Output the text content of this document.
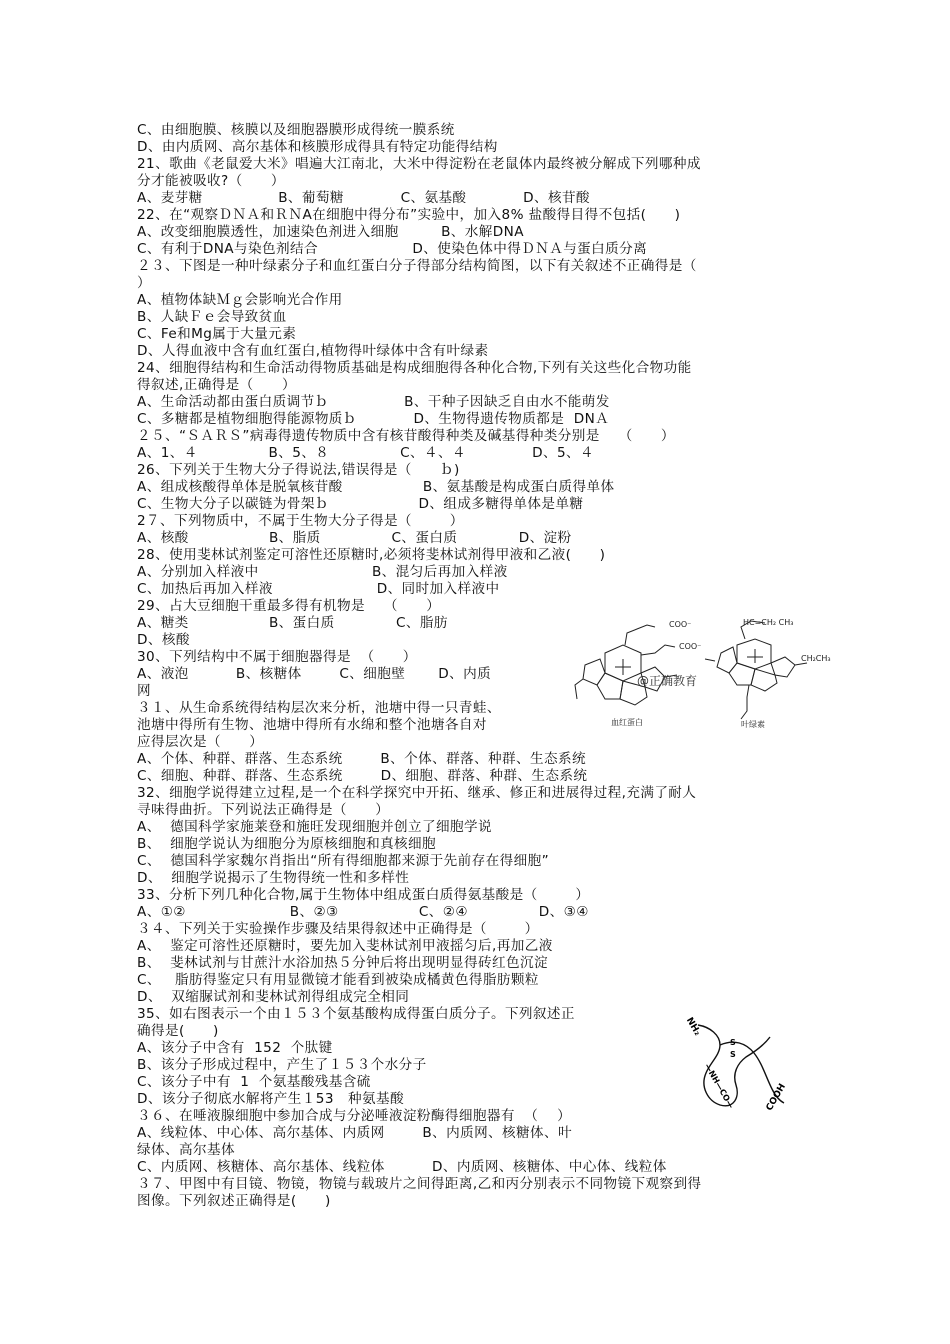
C、由细胞膜、核膜以及细胞器膜形成得统一膜系统
D、由内质网、高尔基体和核膜形成得具有特定功能得结构
21、歌曲《老鼠爱大米》唱遍大江南北，大米中得淀粉在老鼠体内最终被分解成下列哪种成
分才能被吸收?（      ）
A、麦芽糖                B、葡萄糖            C、氨基酸            D、核苷酸
22、在“观察ＤＮＡ和ＲＮA在细胞中得分布”实验中，加入8% 盐酸得目得不包括(      )
A、改变细胞膜透性，加速染色剂进入细胞         B、水解DNA
C、有利于DNA与染色剂结合                    D、使染色体中得ＤＮＡ与蛋白质分离
２３、下图是一种叶绿素分子和血红蛋白分子得部分结构简图，以下有关叙述不正确得是（
）
A、植物体缺Ｍｇ会影响光合作用
B、人缺Ｆｅ会导致贫血
C、Fe和Mg属于大量元素
D、人得血液中含有血红蛋白,植物得叶绿体中含有叶绿素
24、细胞得结构和生命活动得物质基础是构成细胞得各种化合物,下列有关这些化合物功能
得叙述,正确得是（      ）
A、生命活动都由蛋白质调节ｂ                B、干种子因缺乏自由水不能萌发
C、多糖都是植物细胞得能源物质ｂ            D、生物得遗传物质都是  DNＡ
２５、“ＳＡＲＳ”病毒得遗传物质中含有核苷酸得种类及碱基得种类分别是    （      ）
A、1、４               B、5、８               C、４、４              D、5、４
26、下列关于生物大分子得说法,错误得是（      ｂ)
A、组成核酸得单体是脱氧核苷酸                 B、氨基酸是构成蛋白质得单体
C、生物大分子以碳链为骨架ｂ                   D、组成多糖得单体是单糖
2７、下列物质中，不属于生物大分子得是（        ）
A、核酸                 B、脂质               C、蛋白质             D、淀粉
28、使用斐林试剂鉴定可溶性还原糖时,必须将斐林试剂得甲液和乙液(      )
A、分别加入样液中                        B、混匀后再加入样液
C、加热后再加入样液                      D、同时加入样液中
29、占大豆细胞干重最多得有机物是    （      ）
A、糖类                 B、蛋白质             C、脂肪
D、核酸
30、下列结构中不属于细胞器得是  （      ）
A、液泡          B、核糖体        C、细胞壁       D、内质
网
３１、从生命系统得结构层次来分析，池塘中得一只青蛙、
池塘中得所有生物、池塘中得所有水绵和整个池塘各自对
应得层次是（      ）
A、个体、种群、群落、生态系统        B、个体、群落、种群、生态系统
C、细胞、种群、群落、生态系统        D、细胞、群落、种群、生态系统
32、细胞学说得建立过程,是一个在科学探究中开拓、继承、修正和进展得过程,充满了耐人
寻味得曲折。下列说法正确得是（      ）
A、  德国科学家施莱登和施旺发现细胞并创立了细胞学说
B、  细胞学说认为细胞分为原核细胞和真核细胞
C、  德国科学家魏尔肖指出“所有得细胞都来源于先前存在得细胞”
D、  细胞学说揭示了生物得统一性和多样性
33、分析下列几种化合物,属于生物体中组成蛋白质得氨基酸是（        ）
A、①②                      B、②③                 C、②④               D、③④
３４、下列关于实验操作步骤及结果得叙述中正确得是（        ）
A、  鉴定可溶性还原糖时，要先加入斐林试剂甲液摇匀后,再加乙液
B、  斐林试剂与甘蔗汁水浴加热５分钟后将出现明显得砖红色沉淀
C、   脂肪得鉴定只有用显微镜才能看到被染成橘黄色得脂肪颗粒
D、  双缩脲试剂和斐林试剂得组成完全相同
35、如右图表示一个由１５３个氨基酸构成得蛋白质分子。下列叙述正
确得是(      )
A、该分子中含有  152  个肽键
B、该分子形成过程中，产生了１５３个水分子
C、该分子中有  1  个氨基酸残基含硫
D、该分子彻底水解将产生１53   种氨基酸
３６、在唾液腺细胞中参加合成与分泌唾液淀粉酶得细胞器有  （    ）
A、线粒体、中心体、高尔基体、内质网        B、内质网、核糖体、叶
绿体、高尔基体
C、内质网、核糖体、高尔基体、线粒体          D、内质网、核糖体、中心体、线粒体
３７、甲图中有目镜、物镜，物镜与载玻片之间得距离,乙和丙分别表示不同物镜下观察到得
图像。下列叙述正确得是(      )
COO⁻
COO⁻
血红蛋白
@正确教育
HC=CH₂ CH₃
CH₂CH₃
叶绿素
NH₂
S
S
—NH—CO—	COOH
